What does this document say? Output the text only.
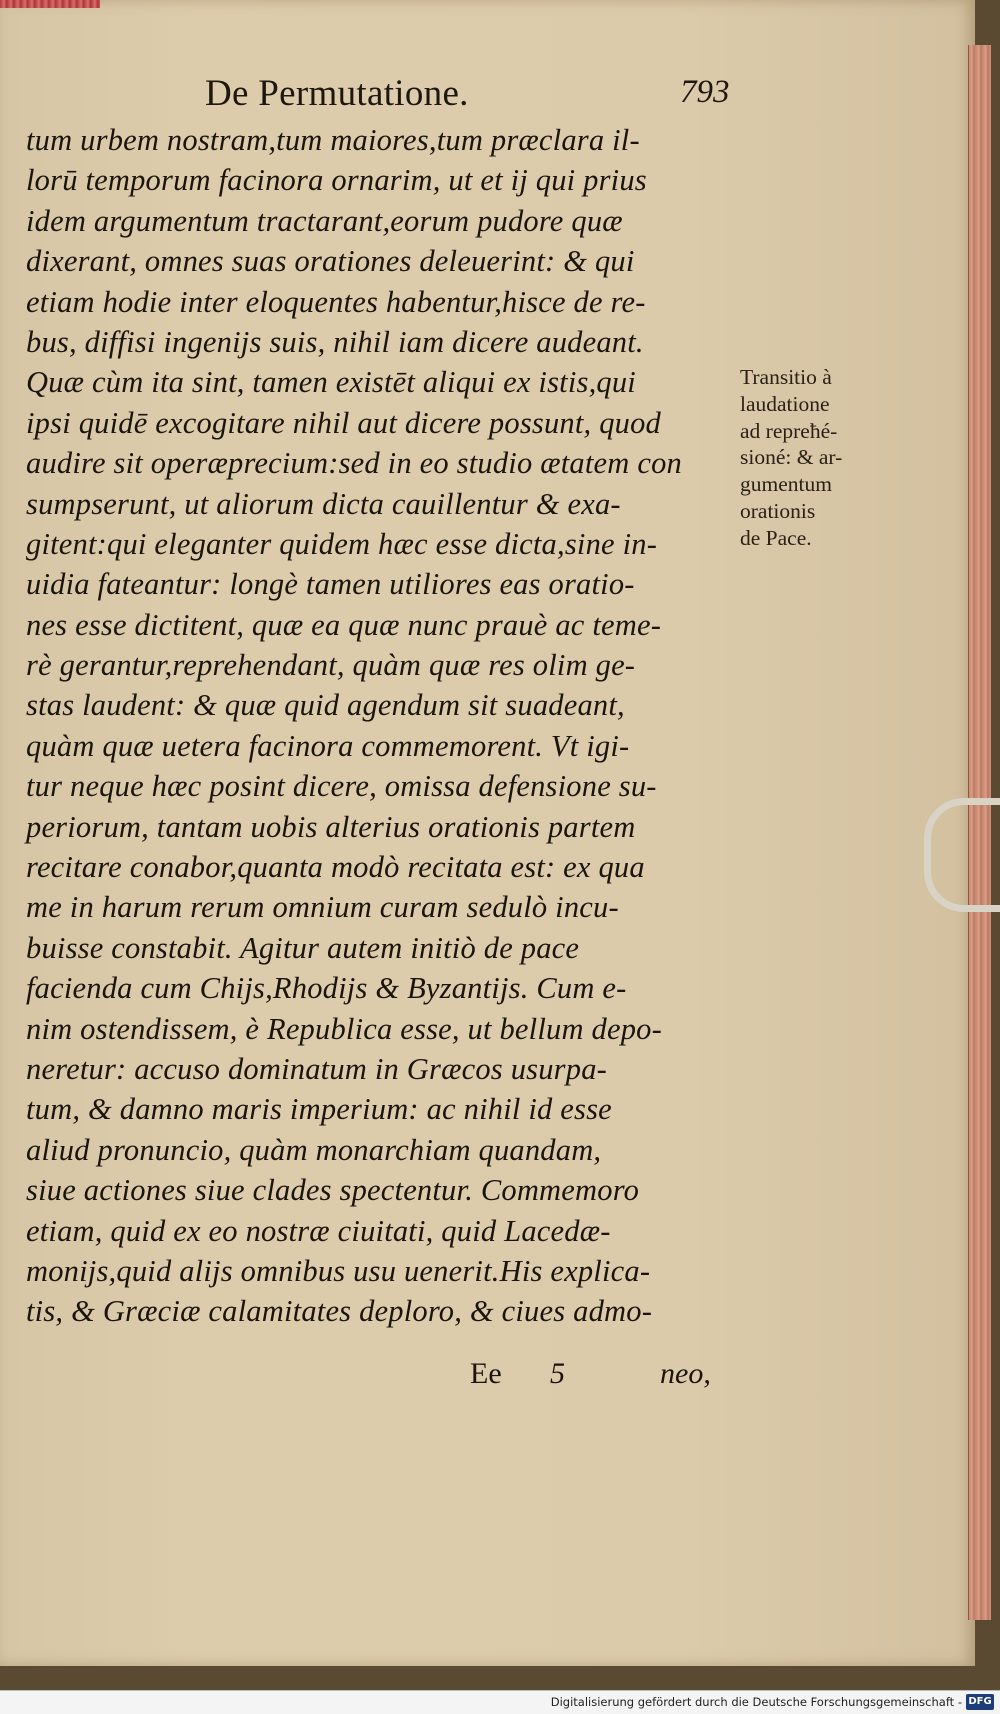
De Permutatione.	793
tum urbem nostram,tum maiores,tum præclara il-
lorū temporum facinora ornarim, ut et ij qui prius
idem argumentum tractarant,eorum pudore quæ
dixerant, omnes suas orationes deleuerint: & qui
etiam hodie inter eloquentes habentur,hisce de re-
bus, diffisi ingenijs suis, nihil iam dicere audeant.
Quæ cùm ita sint, tamen existēt aliqui ex istis,qui
ipsi quidē excogitare nihil aut dicere possunt, quod
audire sit operæprecium:sed in eo studio ætatem con
sumpserunt, ut aliorum dicta cauillentur & exa-
gitent:qui eleganter quidem hæc esse dicta,sine in-
uidia fateantur: longè tamen utiliores eas oratio-
nes esse dictitent, quæ ea quæ nunc prauè ac teme-
rè gerantur,reprehendant, quàm quæ res olim ge-
stas laudent: & quæ quid agendum sit suadeant,
quàm quæ uetera facinora commemorent. Vt igi-
tur neque hæc posint dicere, omissa defensione su-
periorum, tantam uobis alterius orationis partem
recitare conabor,quanta modò recitata est: ex qua
me in harum rerum omnium curam sedulò incu-
buisse constabit. Agitur autem initiò de pace
facienda cum Chijs,Rhodijs & Byzantijs. Cum e-
nim ostendissem, è Republica esse, ut bellum depo-
neretur: accuso dominatum in Græcos usurpa-
tum, & damno maris imperium: ac nihil id esse
aliud pronuncio, quàm monarchiam quandam,
siue actiones siue clades spectentur. Commemoro
etiam, quid ex eo nostræ ciuitati, quid Lacedæ-
monijs,quid alijs omnibus usu uenerit.His explica-
tis, & Græciæ calamitates deploro, & ciues admo-
Ee 5	neo,
Transitio à
laudatione
ad repreħé-
sioné: & ar-
gumentum
orationis
de Pace.
Digitalisierung gefördert durch die Deutsche Forschungsgemeinschaft - DFG
